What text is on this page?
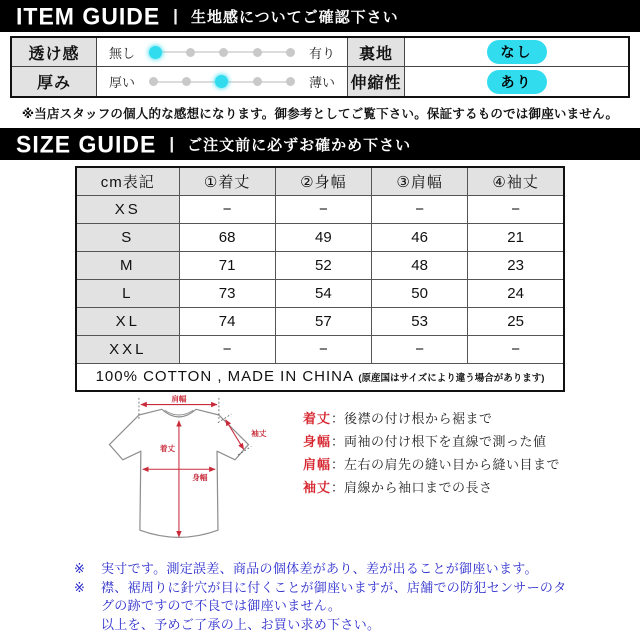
ITEM GUIDE | 生地感についてご確認下さい
透け感	無し	有り	裏地	なし
厚み	厚い	薄い 伸縮性	あり
※当店スタッフの個人的な感想になります。御参考としてご覧下さい。保証するものでは御座いません。
SIZE GUIDE | ご注文前に必ずお確かめ下さい
cm表記	①着丈	②身幅	③肩幅	④袖丈
XS	−	−	−	−
S	68	49	46	21
M	71	52	48	23
L	73	54	50	24
XL	74	57	53	25
XXL	−	−	−	−
100% COTTON , MADE IN CHINA (原産国はサイズにより違う場合があります)				
肩幅
着丈
身幅
袖丈
着丈 ： 後襟の付け根から裾まで
身幅 ： 両袖の付け根下を直線で測った値
肩幅 ： 左右の肩先の縫い目から縫い目まで
袖丈 ： 肩線から袖口までの長さ
※	実寸です。測定誤差、商品の個体差があり、差が出ることが御座います。
※	襟、裾周りに針穴が目に付くことが御座いますが、店舗での防犯センサーのタグの跡ですので不良では御座いません。
以上を、予めご了承の上、お買い求め下さい。
